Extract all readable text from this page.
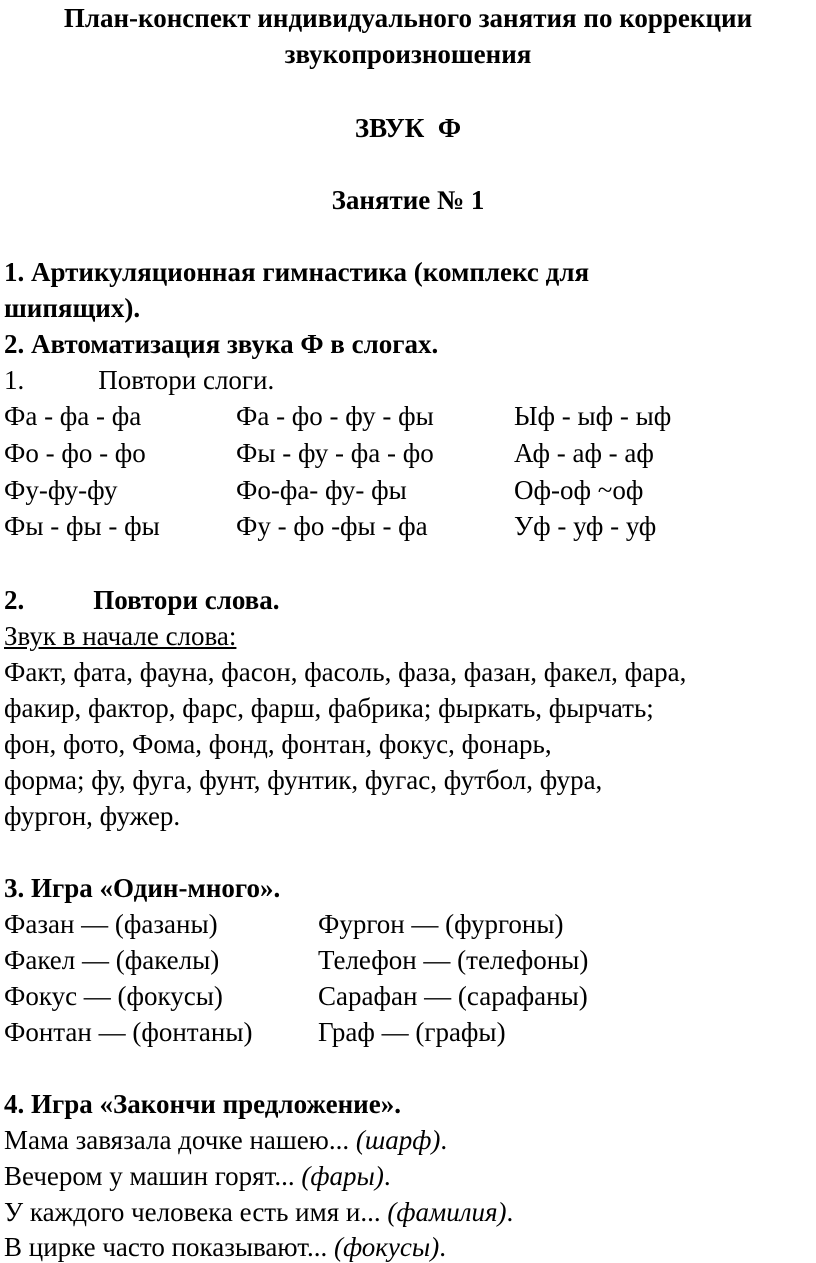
План-конспект индивидуального занятия по коррекции
звукопроизношения
ЗВУК  Ф
Занятие № 1
1. Артикуляционная гимнастика (комплекс для
шипящих).
2. Автоматизация звука Ф в слогах.
1.	Повтори слоги.
Фа - фа - фа	Фа - фо - фу - фы	Ыф - ыф - ыф
Фо - фо - фо	Фы - фу - фа - фо	Аф - аф - аф
Фу-фу-фу	Фо-фа- фу- фы	Оф-оф ~оф
Фы - фы - фы	Фу - фо -фы - фа	Уф - уф - уф
2.	Повтори слова.
Звук в начале слова:
Факт, фата, фауна, фасон, фасоль, фаза, фазан, факел, фара,
факир, фактор, фарс, фарш, фабрика; фыркать, фырчать;
фон, фото, Фома, фонд, фонтан, фокус, фонарь,
форма; фу, фуга, фунт, фунтик, фугас, футбол, фура,
фургон, фужер.
3. Игра «Один-много».
Фазан — (фазаны)	Фургон — (фургоны)
Факел — (факелы)	Телефон — (телефоны)
Фокус — (фокусы)	Сарафан — (сарафаны)
Фонтан — (фонтаны) Граф — (графы)
4. Игра «Закончи предложение».
Мама завязала дочке нашею... (шарф).
Вечером у машин горят... (фары).
У каждого человека есть имя и... (фамилия).
В цирке часто показывают... (фокусы).
